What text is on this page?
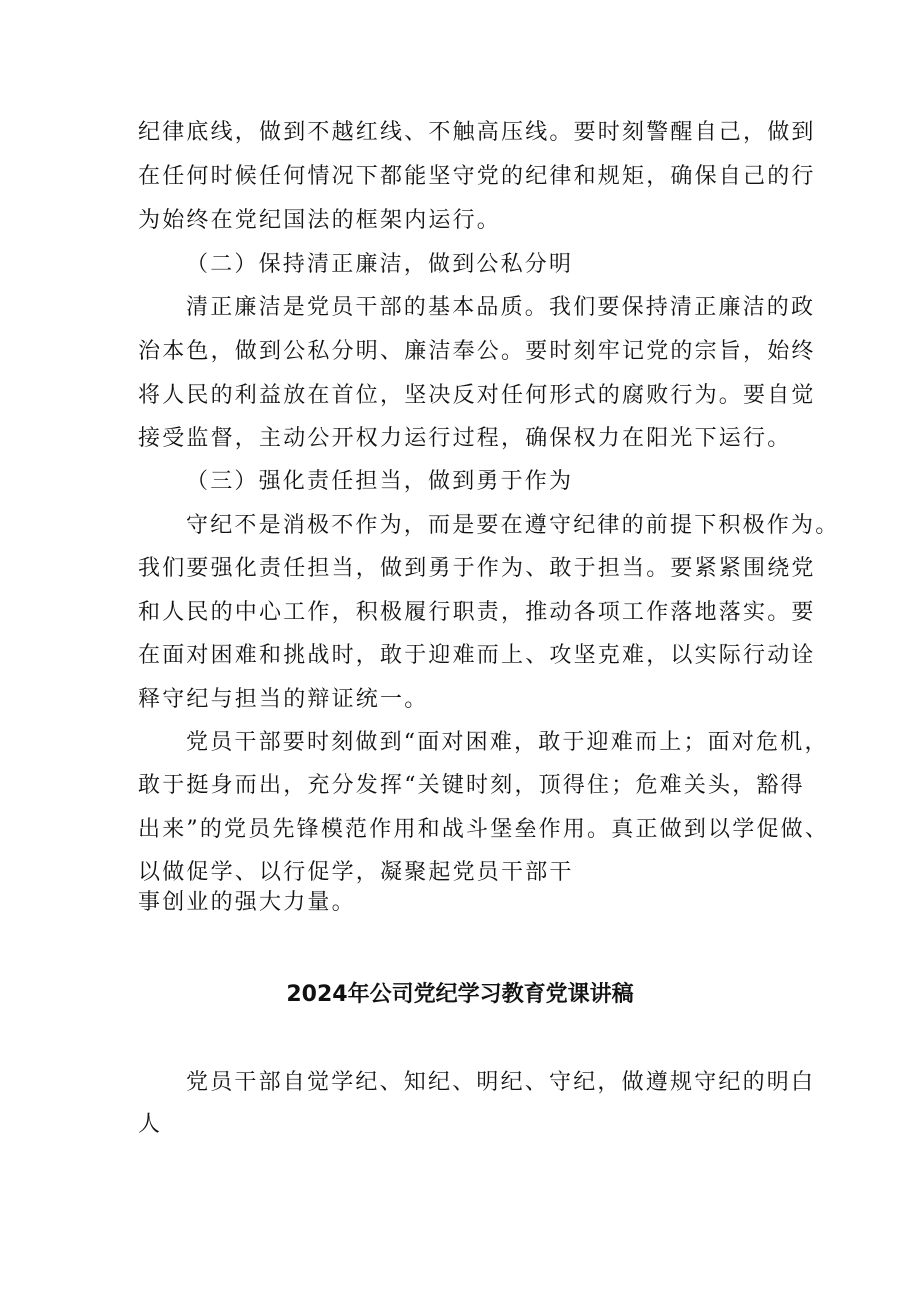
纪律底线，做到不越红线、不触高压线。要时刻警醒自己，做到
在任何时候任何情况下都能坚守党的纪律和规矩，确保自己的行
为始终在党纪国法的框架内运行。
（二）保持清正廉洁，做到公私分明
清正廉洁是党员干部的基本品质。我们要保持清正廉洁的政
治本色，做到公私分明、廉洁奉公。要时刻牢记党的宗旨，始终
将人民的利益放在首位，坚决反对任何形式的腐败行为。要自觉
接受监督，主动公开权力运行过程，确保权力在阳光下运行。
（三）强化责任担当，做到勇于作为
守纪不是消极不作为，而是要在遵守纪律的前提下积极作为。
我们要强化责任担当，做到勇于作为、敢于担当。要紧紧围绕党
和人民的中心工作，积极履行职责，推动各项工作落地落实。要
在面对困难和挑战时，敢于迎难而上、攻坚克难，以实际行动诠
释守纪与担当的辩证统一。
党员干部要时刻做到“面对困难，敢于迎难而上；面对危机，
敢于挺身而出，充分发挥“关键时刻，顶得住；危难关头，豁得
出来”的党员先锋模范作用和战斗堡垒作用。真正做到以学促做、
以做促学、以行促学，凝聚起党员干部干
事创业的强大力量。
2024年公司党纪学习教育党课讲稿
党员干部自觉学纪、知纪、明纪、守纪，做遵规守纪的明白
人
